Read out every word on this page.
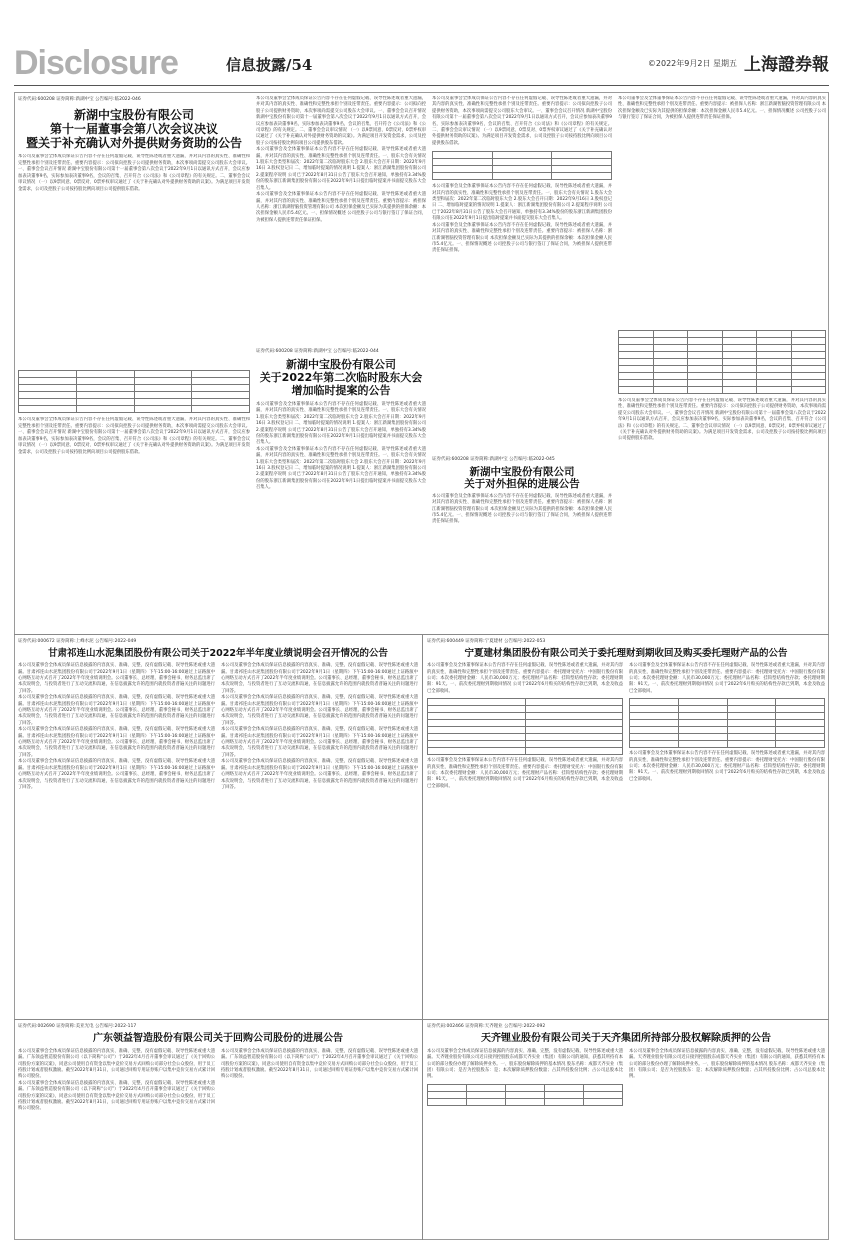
Disclosure	信息披露/54	©2022年9月2日 星期五 上海證券報
证券代码:600208 证券简称:新湖中宝 公告编号:临2022-046
新湖中宝股份有限公司
第十一届董事会第八次会议决议
暨关于补充确认对外提供财务资助的公告
本公司及董事会全体成员保证公告内容不存在任何虚假记载、误导性陈述或者重大遗漏，并对其内容的真实性、准确性和完整性承担个别及连带责任。重要内容提示：公司拟向控股子公司提供财务资助，本次事项尚需提交公司股东大会审议。一、董事会会议召开情况 新湖中宝股份有限公司第十一届董事会第八次会议于2022年9月1日以通讯方式召开，会议应参加表决董事9名，实际参加表决董事9名，会议的召集、召开符合《公司法》和《公司章程》的有关规定。二、董事会会议审议情况 （一）以9票同意、0票反对、0票弃权审议通过了《关于补充确认对外提供财务资助的议案》。为满足项目开发资金需求，公司及控股子公司按持股比例向项目公司提供股东借款。

本公司及董事会全体成员保证公告内容不存在任何虚假记载、误导性陈述或者重大遗漏，并对其内容的真实性、准确性和完整性承担个别及连带责任。重要内容提示：公司拟向控股子公司提供财务资助，本次事项尚需提交公司股东大会审议。一、董事会会议召开情况 新湖中宝股份有限公司第十一届董事会第八次会议于2022年9月1日以通讯方式召开，会议应参加表决董事9名，实际参加表决董事9名，会议的召集、召开符合《公司法》和《公司章程》的有关规定。二、董事会会议审议情况 （一）以9票同意、0票反对、0票弃权审议通过了《关于补充确认对外提供财务资助的议案》。为满足项目开发资金需求，公司及控股子公司按持股比例向项目公司提供股东借款。
本公司及董事会全体成员保证公告内容不存在任何虚假记载、误导性陈述或者重大遗漏，并对其内容的真实性、准确性和完整性承担个别及连带责任。重要内容提示：公司拟向控股子公司提供财务资助，本次事项尚需提交公司股东大会审议。一、董事会会议召开情况 新湖中宝股份有限公司第十一届董事会第八次会议于2022年9月1日以通讯方式召开，会议应参加表决董事9名，实际参加表决董事9名，会议的召集、召开符合《公司法》和《公司章程》的有关规定。二、董事会会议审议情况 （一）以9票同意、0票反对、0票弃权审议通过了《关于补充确认对外提供财务资助的议案》。为满足项目开发资金需求，公司及控股子公司按持股比例向项目公司提供股东借款。
本公司董事会及全体董事保证本公告内容不存在任何虚假记载、误导性陈述或者重大遗漏，并对其内容的真实性、准确性和完整性承担个别及连带责任。一、股东大会有关情况 1.股东大会类型和届次：2022年第二次临时股东大会 2.股东大会召开日期：2022年9月16日 3.股权登记日 二、增加临时提案的情况说明 1.提案人：浙江新湖集团股份有限公司 2.提案程序说明 公司已于2022年8月31日公告了股东大会召开通知，单独持有3.34%股份的股东浙江新湖集团股份有限公司在2022年9月1日提出临时提案并书面提交股东大会召集人。
本公司董事会及全体董事保证本公告内容不存在任何虚假记载、误导性陈述或者重大遗漏，并对其内容的真实性、准确性和完整性承担个别及连带责任。重要内容提示：被担保人名称：浙江新湖智脑投资管理有限公司 本次担保金额及已实际为其提供的担保余额：本次担保金额人民币5.4亿元。一、担保情况概述 公司控股子公司与银行签订了保证合同，为被担保人提供连带责任保证担保。
本公司及董事会全体成员保证公告内容不存在任何虚假记载、误导性陈述或者重大遗漏，并对其内容的真实性、准确性和完整性承担个别及连带责任。重要内容提示：公司拟向控股子公司提供财务资助，本次事项尚需提交公司股东大会审议。一、董事会会议召开情况 新湖中宝股份有限公司第十一届董事会第八次会议于2022年9月1日以通讯方式召开，会议应参加表决董事9名，实际参加表决董事9名，会议的召集、召开符合《公司法》和《公司章程》的有关规定。二、董事会会议审议情况 （一）以9票同意、0票反对、0票弃权审议通过了《关于补充确认对外提供财务资助的议案》。为满足项目开发资金需求，公司及控股子公司按持股比例向项目公司提供股东借款。

本公司董事会及全体董事保证本公告内容不存在任何虚假记载、误导性陈述或者重大遗漏，并对其内容的真实性、准确性和完整性承担个别及连带责任。一、股东大会有关情况 1.股东大会类型和届次：2022年第二次临时股东大会 2.股东大会召开日期：2022年9月16日 3.股权登记日 二、增加临时提案的情况说明 1.提案人：浙江新湖集团股份有限公司 2.提案程序说明 公司已于2022年8月31日公告了股东大会召开通知，单独持有3.34%股份的股东浙江新湖集团股份有限公司在2022年9月1日提出临时提案并书面提交股东大会召集人。
本公司董事会及全体董事保证本公告内容不存在任何虚假记载、误导性陈述或者重大遗漏，并对其内容的真实性、准确性和完整性承担个别及连带责任。重要内容提示：被担保人名称：浙江新湖智脑投资管理有限公司 本次担保金额及已实际为其提供的担保余额：本次担保金额人民币5.4亿元。一、担保情况概述 公司控股子公司与银行签订了保证合同，为被担保人提供连带责任保证担保。
本公司董事会及全体董事保证本公告内容不存在任何虚假记载、误导性陈述或者重大遗漏，并对其内容的真实性、准确性和完整性承担个别及连带责任。重要内容提示：被担保人名称：浙江新湖智脑投资管理有限公司 本次担保金额及已实际为其提供的担保余额：本次担保金额人民币5.4亿元。一、担保情况概述 公司控股子公司与银行签订了保证合同，为被担保人提供连带责任保证担保。

本公司及董事会全体成员保证公告内容不存在任何虚假记载、误导性陈述或者重大遗漏，并对其内容的真实性、准确性和完整性承担个别及连带责任。重要内容提示：公司拟向控股子公司提供财务资助，本次事项尚需提交公司股东大会审议。一、董事会会议召开情况 新湖中宝股份有限公司第十一届董事会第八次会议于2022年9月1日以通讯方式召开，会议应参加表决董事9名，实际参加表决董事9名，会议的召集、召开符合《公司法》和《公司章程》的有关规定。二、董事会会议审议情况 （一）以9票同意、0票反对、0票弃权审议通过了《关于补充确认对外提供财务资助的议案》。为满足项目开发资金需求，公司及控股子公司按持股比例向项目公司提供股东借款。
证券代码:600208 证券简称:新湖中宝 公告编号:临2022-044
新湖中宝股份有限公司
关于2022年第二次临时股东大会
增加临时提案的公告
本公司董事会及全体董事保证本公告内容不存在任何虚假记载、误导性陈述或者重大遗漏，并对其内容的真实性、准确性和完整性承担个别及连带责任。一、股东大会有关情况 1.股东大会类型和届次：2022年第二次临时股东大会 2.股东大会召开日期：2022年9月16日 3.股权登记日 二、增加临时提案的情况说明 1.提案人：浙江新湖集团股份有限公司 2.提案程序说明 公司已于2022年8月31日公告了股东大会召开通知，单独持有3.34%股份的股东浙江新湖集团股份有限公司在2022年9月1日提出临时提案并书面提交股东大会召集人。
本公司董事会及全体董事保证本公告内容不存在任何虚假记载、误导性陈述或者重大遗漏，并对其内容的真实性、准确性和完整性承担个别及连带责任。一、股东大会有关情况 1.股东大会类型和届次：2022年第二次临时股东大会 2.股东大会召开日期：2022年9月16日 3.股权登记日 二、增加临时提案的情况说明 1.提案人：浙江新湖集团股份有限公司 2.提案程序说明 公司已于2022年8月31日公告了股东大会召开通知，单独持有3.34%股份的股东浙江新湖集团股份有限公司在2022年9月1日提出临时提案并书面提交股东大会召集人。
证券代码:600208 证券简称:新湖中宝 公告编号:临2022-045
新湖中宝股份有限公司
关于对外担保的进展公告
本公司董事会及全体董事保证本公告内容不存在任何虚假记载、误导性陈述或者重大遗漏，并对其内容的真实性、准确性和完整性承担个别及连带责任。重要内容提示：被担保人名称：浙江新湖智脑投资管理有限公司 本次担保金额及已实际为其提供的担保余额：本次担保金额人民币5.4亿元。一、担保情况概述 公司控股子公司与银行签订了保证合同，为被担保人提供连带责任保证担保。
证券代码:000672 证券简称:上峰水泥 公告编号:2022-049
甘肃祁连山水泥集团股份有限公司关于2022年半年度业绩说明会召开情况的公告
本公司及董事会全体成员保证信息披露的内容真实、准确、完整，没有虚假记载、误导性陈述或重大遗漏。甘肃祁连山水泥集团股份有限公司于2022年9月1日（星期四）下午15:00-16:00通过上证路演中心网络互动方式召开了2022年半年度业绩说明会。公司董事长、总经理、董事会秘书、财务总监出席了本次说明会，与投资者进行了互动交流和沟通，在信息披露允许的范围内就投资者普遍关注的问题进行了回答。
本公司及董事会全体成员保证信息披露的内容真实、准确、完整，没有虚假记载、误导性陈述或重大遗漏。甘肃祁连山水泥集团股份有限公司于2022年9月1日（星期四）下午15:00-16:00通过上证路演中心网络互动方式召开了2022年半年度业绩说明会。公司董事长、总经理、董事会秘书、财务总监出席了本次说明会，与投资者进行了互动交流和沟通，在信息披露允许的范围内就投资者普遍关注的问题进行了回答。
本公司及董事会全体成员保证信息披露的内容真实、准确、完整，没有虚假记载、误导性陈述或重大遗漏。甘肃祁连山水泥集团股份有限公司于2022年9月1日（星期四）下午15:00-16:00通过上证路演中心网络互动方式召开了2022年半年度业绩说明会。公司董事长、总经理、董事会秘书、财务总监出席了本次说明会，与投资者进行了互动交流和沟通，在信息披露允许的范围内就投资者普遍关注的问题进行了回答。
本公司及董事会全体成员保证信息披露的内容真实、准确、完整，没有虚假记载、误导性陈述或重大遗漏。甘肃祁连山水泥集团股份有限公司于2022年9月1日（星期四）下午15:00-16:00通过上证路演中心网络互动方式召开了2022年半年度业绩说明会。公司董事长、总经理、董事会秘书、财务总监出席了本次说明会，与投资者进行了互动交流和沟通，在信息披露允许的范围内就投资者普遍关注的问题进行了回答。
本公司及董事会全体成员保证信息披露的内容真实、准确、完整，没有虚假记载、误导性陈述或重大遗漏。甘肃祁连山水泥集团股份有限公司于2022年9月1日（星期四）下午15:00-16:00通过上证路演中心网络互动方式召开了2022年半年度业绩说明会。公司董事长、总经理、董事会秘书、财务总监出席了本次说明会，与投资者进行了互动交流和沟通，在信息披露允许的范围内就投资者普遍关注的问题进行了回答。
本公司及董事会全体成员保证信息披露的内容真实、准确、完整，没有虚假记载、误导性陈述或重大遗漏。甘肃祁连山水泥集团股份有限公司于2022年9月1日（星期四）下午15:00-16:00通过上证路演中心网络互动方式召开了2022年半年度业绩说明会。公司董事长、总经理、董事会秘书、财务总监出席了本次说明会，与投资者进行了互动交流和沟通，在信息披露允许的范围内就投资者普遍关注的问题进行了回答。
本公司及董事会全体成员保证信息披露的内容真实、准确、完整，没有虚假记载、误导性陈述或重大遗漏。甘肃祁连山水泥集团股份有限公司于2022年9月1日（星期四）下午15:00-16:00通过上证路演中心网络互动方式召开了2022年半年度业绩说明会。公司董事长、总经理、董事会秘书、财务总监出席了本次说明会，与投资者进行了互动交流和沟通，在信息披露允许的范围内就投资者普遍关注的问题进行了回答。
本公司及董事会全体成员保证信息披露的内容真实、准确、完整，没有虚假记载、误导性陈述或重大遗漏。甘肃祁连山水泥集团股份有限公司于2022年9月1日（星期四）下午15:00-16:00通过上证路演中心网络互动方式召开了2022年半年度业绩说明会。公司董事长、总经理、董事会秘书、财务总监出席了本次说明会，与投资者进行了互动交流和沟通，在信息披露允许的范围内就投资者普遍关注的问题进行了回答。
证券代码:600449 证券简称:宁夏建材 公告编号:2022-053
宁夏建材集团股份有限公司关于委托理财到期收回及购买委托理财产品的公告
本公司董事会及全体董事保证本公告内容不存在任何虚假记载、误导性陈述或者重大遗漏，并对其内容的真实性、准确性和完整性承担个别及连带责任。重要内容提示：委托理财受托方：中国银行股份有限公司；本次委托理财金额：人民币30,000万元；委托理财产品名称：挂钩型结构性存款；委托理财期限：91天。一、前次委托理财到期收回情况 公司于2022年6月购买的结构性存款已到期，本金及收益已全部收回。

本公司董事会及全体董事保证本公告内容不存在任何虚假记载、误导性陈述或者重大遗漏，并对其内容的真实性、准确性和完整性承担个别及连带责任。重要内容提示：委托理财受托方：中国银行股份有限公司；本次委托理财金额：人民币30,000万元；委托理财产品名称：挂钩型结构性存款；委托理财期限：91天。一、前次委托理财到期收回情况 公司于2022年6月购买的结构性存款已到期，本金及收益已全部收回。
本公司董事会及全体董事保证本公告内容不存在任何虚假记载、误导性陈述或者重大遗漏，并对其内容的真实性、准确性和完整性承担个别及连带责任。重要内容提示：委托理财受托方：中国银行股份有限公司；本次委托理财金额：人民币30,000万元；委托理财产品名称：挂钩型结构性存款；委托理财期限：91天。一、前次委托理财到期收回情况 公司于2022年6月购买的结构性存款已到期，本金及收益已全部收回。

本公司董事会及全体董事保证本公告内容不存在任何虚假记载、误导性陈述或者重大遗漏，并对其内容的真实性、准确性和完整性承担个别及连带责任。重要内容提示：委托理财受托方：中国银行股份有限公司；本次委托理财金额：人民币30,000万元；委托理财产品名称：挂钩型结构性存款；委托理财期限：91天。一、前次委托理财到期收回情况 公司于2022年6月购买的结构性存款已到期，本金及收益已全部收回。
证券代码:002690 证券简称:美亚光电 公告编号:2022-117
广东领益智造股份有限公司关于回购公司股份的进展公告
本公司及董事会全体成员保证信息披露的内容真实、准确、完整，没有虚假记载、误导性陈述或重大遗漏。广东领益智造股份有限公司（以下简称“公司”）于2022年4月召开董事会审议通过了《关于回购公司股份方案的议案》，同意公司使用自有资金以集中竞价交易方式回购公司部分社会公众股份，用于员工持股计划或者股权激励。截至2022年8月31日，公司通过回购专用证券账户以集中竞价交易方式累计回购公司股份。
本公司及董事会全体成员保证信息披露的内容真实、准确、完整，没有虚假记载、误导性陈述或重大遗漏。广东领益智造股份有限公司（以下简称“公司”）于2022年4月召开董事会审议通过了《关于回购公司股份方案的议案》，同意公司使用自有资金以集中竞价交易方式回购公司部分社会公众股份，用于员工持股计划或者股权激励。截至2022年8月31日，公司通过回购专用证券账户以集中竞价交易方式累计回购公司股份。
本公司及董事会全体成员保证信息披露的内容真实、准确、完整，没有虚假记载、误导性陈述或重大遗漏。广东领益智造股份有限公司（以下简称“公司”）于2022年4月召开董事会审议通过了《关于回购公司股份方案的议案》，同意公司使用自有资金以集中竞价交易方式回购公司部分社会公众股份，用于员工持股计划或者股权激励。截至2022年8月31日，公司通过回购专用证券账户以集中竞价交易方式累计回购公司股份。
证券代码:002466 证券简称:天齐锂业 公告编号:2022-092
天齐锂业股份有限公司关于天齐集团所持部分股权解除质押的公告
本公司及董事会全体成员保证信息披露的内容真实、准确、完整，没有虚假记载、误导性陈述或重大遗漏。天齐锂业股份有限公司近日接到控股股东成都天齐实业（集团）有限公司的通知，获悉其所持有本公司的部分股份办理了解除质押业务。一、股东股份解除质押的基本情况 股东名称：成都天齐实业（集团）有限公司；是否为控股股东：是；本次解除质押股份数量；占其所持股份比例；占公司总股本比例。

本公司及董事会全体成员保证信息披露的内容真实、准确、完整，没有虚假记载、误导性陈述或重大遗漏。天齐锂业股份有限公司近日接到控股股东成都天齐实业（集团）有限公司的通知，获悉其所持有本公司的部分股份办理了解除质押业务。一、股东股份解除质押的基本情况 股东名称：成都天齐实业（集团）有限公司；是否为控股股东：是；本次解除质押股份数量；占其所持股份比例；占公司总股本比例。
